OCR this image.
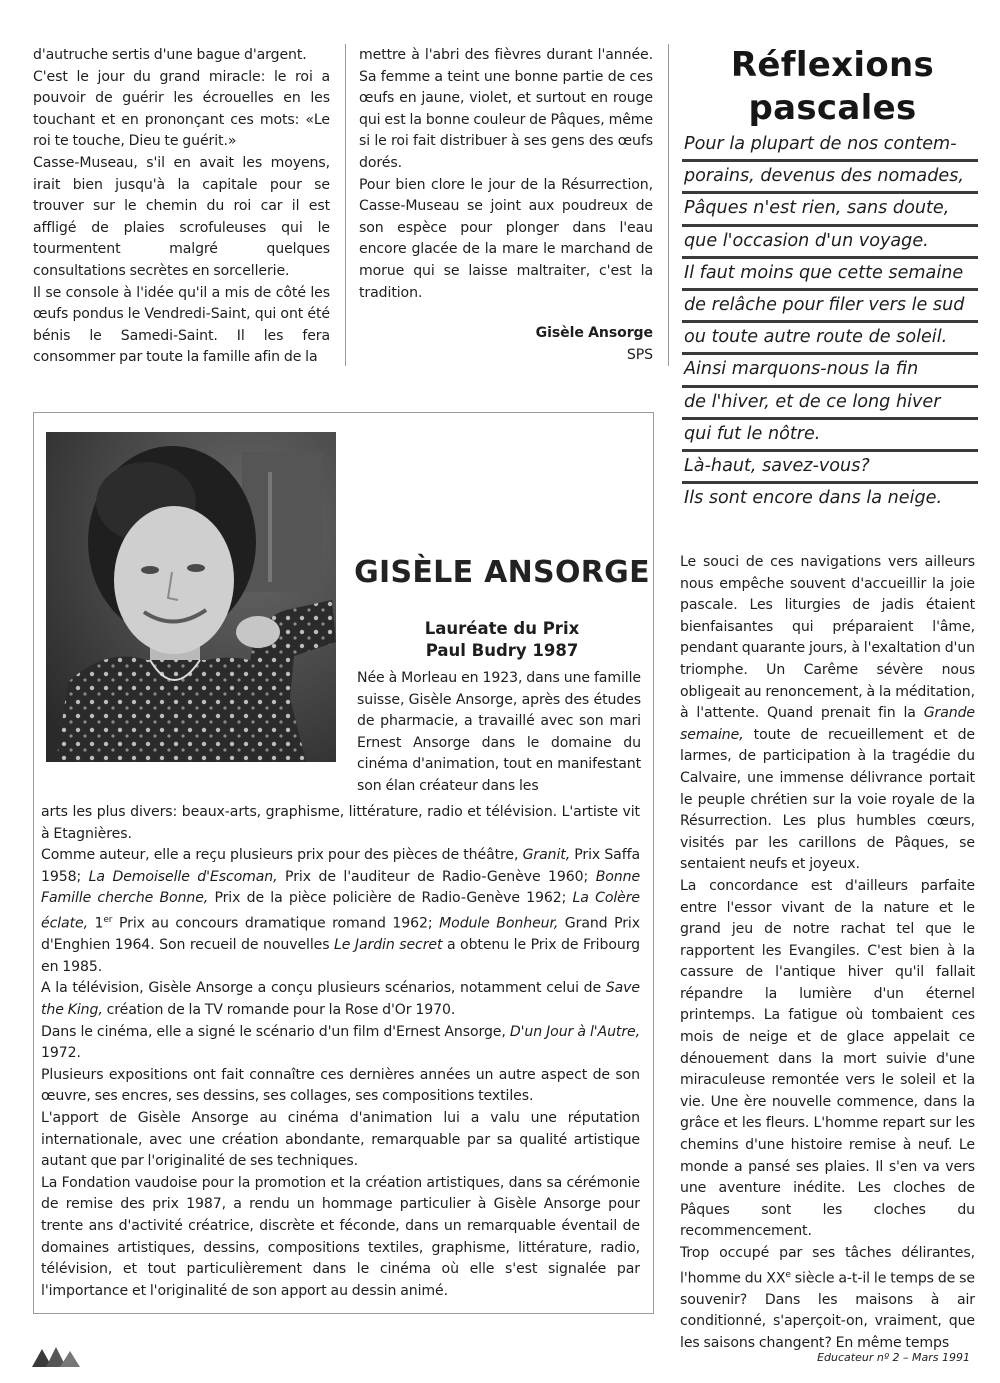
d'autruche sertis d'une bague d'argent.

C'est le jour du grand miracle: le roi a pouvoir de guérir les écrouelles en les touchant et en prononçant ces mots: «Le roi te touche, Dieu te guérit.»

Casse-Museau, s'il en avait les moyens, irait bien jusqu'à la capitale pour se trouver sur le chemin du roi car il est affligé de plaies scrofuleuses qui le tourmentent malgré quelques consultations secrètes en sorcellerie.

Il se console à l'idée qu'il a mis de côté les œufs pondus le Vendredi-Saint, qui ont été bénis le Samedi-Saint. Il les fera consommer par toute la famille afin de la

mettre à l'abri des fièvres durant l'année. Sa femme a teint une bonne partie de ces œufs en jaune, violet, et surtout en rouge qui est la bonne couleur de Pâques, même si le roi fait distribuer à ses gens des œufs dorés.

Pour bien clore le jour de la Résurrection, Casse-Museau se joint aux poudreux de son espèce pour plonger dans l'eau encore glacée de la mare le marchand de morue qui se laisse maltraiter, c'est la tradition.

Gisèle Ansorge
SPS
Réflexions pascales
Pour la plupart de nos contem-
porains, devenus des nomades,
Pâques n'est rien, sans doute,
que l'occasion d'un voyage.
Il faut moins que cette semaine
de relâche pour filer vers le sud
ou toute autre route de soleil.
Ainsi marquons-nous la fin
de l'hiver, et de ce long hiver
qui fut le nôtre.
Là-haut, savez-vous?
Ils sont encore dans la neige.
GISÈLE ANSORGE
Lauréate du Prix
Paul Budry 1987

Née à Morleau en 1923, dans une famille suisse, Gisèle Ansorge, après des études de pharmacie, a travaillé avec son mari Ernest Ansorge dans le domaine du cinéma d'animation, tout en manifestant son élan créateur dans les

arts les plus divers: beaux-arts, graphisme, littérature, radio et télévision. L'artiste vit à Etagnières.

Comme auteur, elle a reçu plusieurs prix pour des pièces de théâtre, Granit, Prix Saffa 1958; La Demoiselle d'Escoman, Prix de l'auditeur de Radio-Genève 1960; Bonne Famille cherche Bonne, Prix de la pièce policière de Radio-Genève 1962; La Colère éclate, 1er Prix au concours dramatique romand 1962; Module Bonheur, Grand Prix d'Enghien 1964. Son recueil de nouvelles Le Jardin secret a obtenu le Prix de Fribourg en 1985.

A la télévision, Gisèle Ansorge a conçu plusieurs scénarios, notamment celui de Save the King, création de la TV romande pour la Rose d'Or 1970.

Dans le cinéma, elle a signé le scénario d'un film d'Ernest Ansorge, D'un Jour à l'Autre, 1972.

Plusieurs expositions ont fait connaître ces dernières années un autre aspect de son œuvre, ses encres, ses dessins, ses collages, ses compositions textiles.

L'apport de Gisèle Ansorge au cinéma d'animation lui a valu une réputation internationale, avec une création abondante, remarquable par sa qualité artistique autant que par l'originalité de ses techniques.

La Fondation vaudoise pour la promotion et la création artistiques, dans sa cérémonie de remise des prix 1987, a rendu un hommage particulier à Gisèle Ansorge pour trente ans d'activité créatrice, discrète et féconde, dans un remarquable éventail de domaines artistiques, dessins, compositions textiles, graphisme, littérature, radio, télévision, et tout particulièrement dans le cinéma où elle s'est signalée par l'importance et l'originalité de son apport au dessin animé.

Le souci de ces navigations vers ailleurs nous empêche souvent d'accueillir la joie pascale. Les liturgies de jadis étaient bienfaisantes qui préparaient l'âme, pendant quarante jours, à l'exaltation d'un triomphe. Un Carême sévère nous obligeait au renoncement, à la méditation, à l'attente. Quand prenait fin la Grande semaine, toute de recueillement et de larmes, de participation à la tragédie du Calvaire, une immense délivrance portait le peuple chrétien sur la voie royale de la Résurrection. Les plus humbles cœurs, visités par les carillons de Pâques, se sentaient neufs et joyeux.

La concordance est d'ailleurs parfaite entre l'essor vivant de la nature et le grand jeu de notre rachat tel que le rapportent les Evangiles. C'est bien à la cassure de l'antique hiver qu'il fallait répandre la lumière d'un éternel printemps. La fatigue où tombaient ces mois de neige et de glace appelait ce dénouement dans la mort suivie d'une miraculeuse remontée vers le soleil et la vie. Une ère nouvelle commence, dans la grâce et les fleurs. L'homme repart sur les chemins d'une histoire remise à neuf. Le monde a pansé ses plaies. Il s'en va vers une aventure inédite. Les cloches de Pâques sont les cloches du recommencement.

Trop occupé par ses tâches délirantes, l'homme du XXe siècle a-t-il le temps de se souvenir? Dans les maisons à air conditionné, s'aperçoit-on, vraiment, que les saisons changent? En même temps

Educateur nº 2 – Mars 1991
